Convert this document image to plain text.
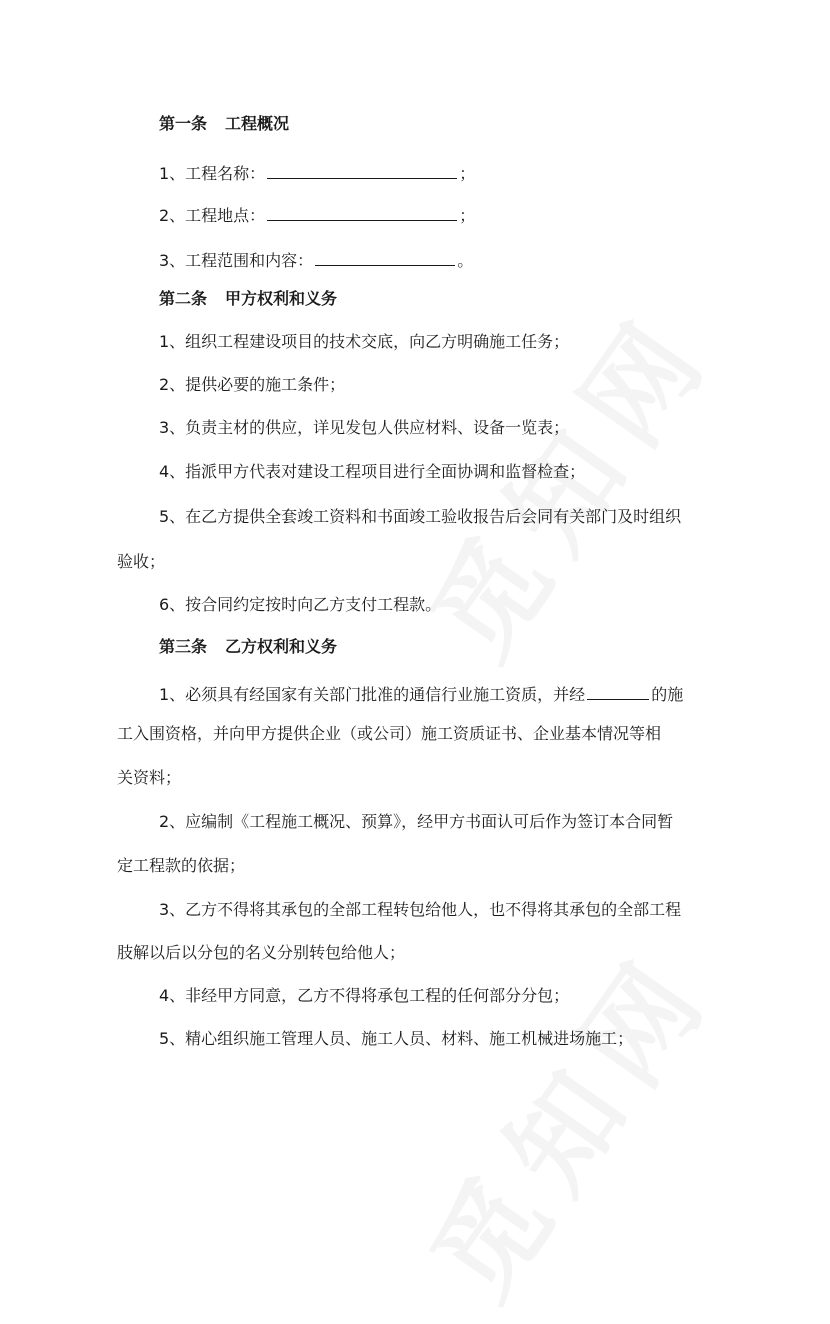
第一条 工程概况
1、工程名称：	；
2、工程地点：	；
3、工程范围和内容：	。
第二条 甲方权利和义务
1、组织工程建设项目的技术交底，向乙方明确施工任务；
2、提供必要的施工条件；
3、负责主材的供应，详见发包人供应材料、设备一览表；
4、指派甲方代表对建设工程项目进行全面协调和监督检查；
5、在乙方提供全套竣工资料和书面竣工验收报告后会同有关部门及时组织
验收；
6、按合同约定按时向乙方支付工程款。
第三条 乙方权利和义务
1、必须具有经国家有关部门批准的通信行业施工资质，并经	的施
工入围资格，并向甲方提供企业（或公司）施工资质证书、企业基本情况等相
关资料；
2、应编制《工程施工概况、预算》，经甲方书面认可后作为签订本合同暂
定工程款的依据；
3、乙方不得将其承包的全部工程转包给他人，也不得将其承包的全部工程
肢解以后以分包的名义分别转包给他人；
4、非经甲方同意，乙方不得将承包工程的任何部分分包；
5、精心组织施工管理人员、施工人员、材料、施工机械进场施工；
